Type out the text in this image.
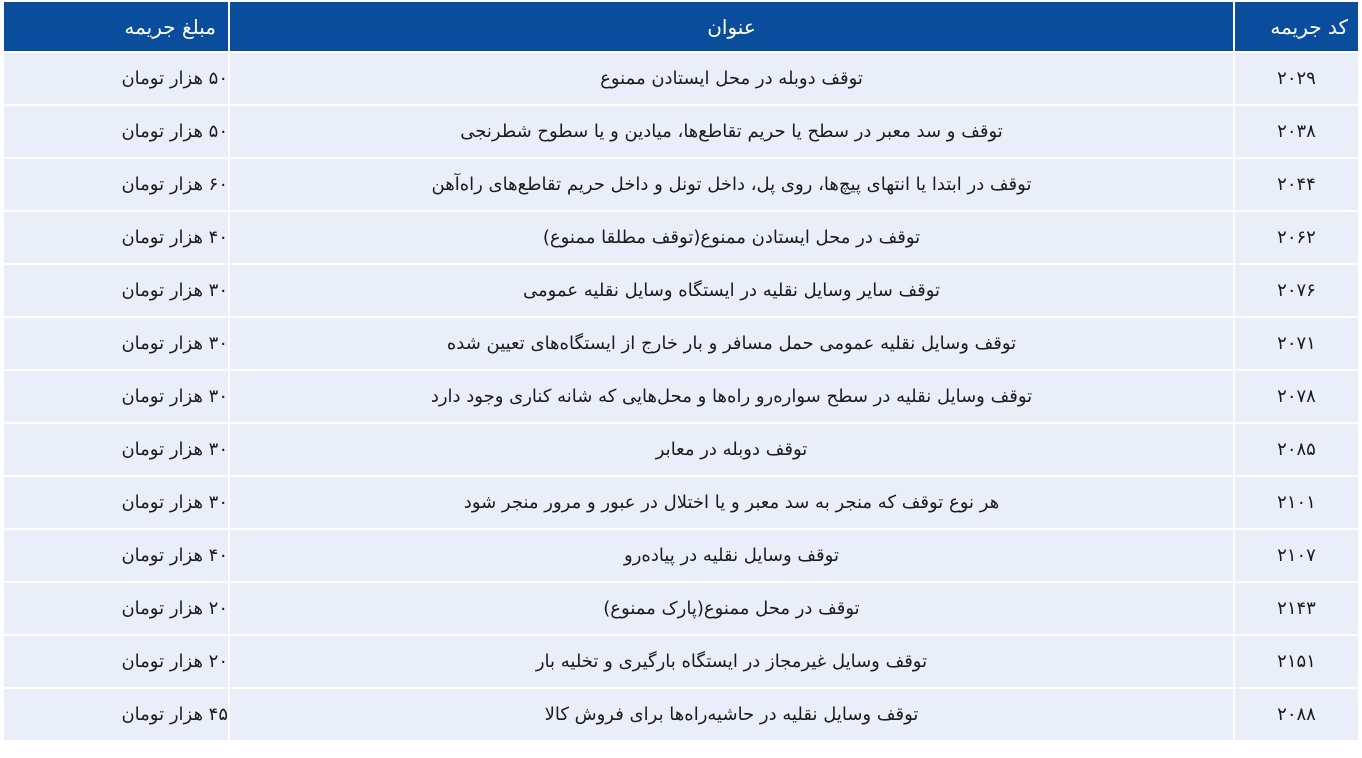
کد جریمه	عنوان	مبلغ جریمه
۲۰۲۹	توقف دوبله در محل ایستادن ممنوع	۵۰ هزار تومان
۲۰۳۸	توقف و سد معبر در سطح یا حریم تقاطع‌ها، میادین و یا سطوح شطرنجی	۵۰ هزار تومان
۲۰۴۴	توقف در ابتدا یا انتهای پیچ‌ها، روی پل، داخل تونل و داخل حریم تقاطع‌های راه‌آهن	۶۰ هزار تومان
۲۰۶۲	توقف در محل ایستادن ممنوع(توقف مطلقا ممنوع)	۴۰ هزار تومان
۲۰۷۶	توقف سایر وسایل نقلیه در ایستگاه وسایل نقلیه عمومی	۳۰ هزار تومان
۲۰۷۱	توقف وسایل نقلیه عمومی حمل مسافر و بار خارج از ایستگاه‌های تعیین شده	۳۰ هزار تومان
۲۰۷۸	توقف وسایل نقلیه در سطح سواره‌رو راه‌ها و محل‌هایی که شانه کناری وجود دارد	۳۰ هزار تومان
۲۰۸۵	توقف دوبله در معابر	۳۰ هزار تومان
۲۱۰۱	هر نوع توقف که منجر به سد معبر و یا اختلال در عبور و مرور منجر شود	۳۰ هزار تومان
۲۱۰۷	توقف وسایل نقلیه در پیاده‌رو	۴۰ هزار تومان
۲۱۴۳	توقف در محل ممنوع(پارک ممنوع)	۲۰ هزار تومان
۲۱۵۱	توقف وسایل غیرمجاز در ایستگاه بارگیری و تخلیه بار	۲۰ هزار تومان
۲۰۸۸	توقف وسایل نقلیه در حاشیه‌راه‌ها برای فروش کالا	۴۵ هزار تومان
